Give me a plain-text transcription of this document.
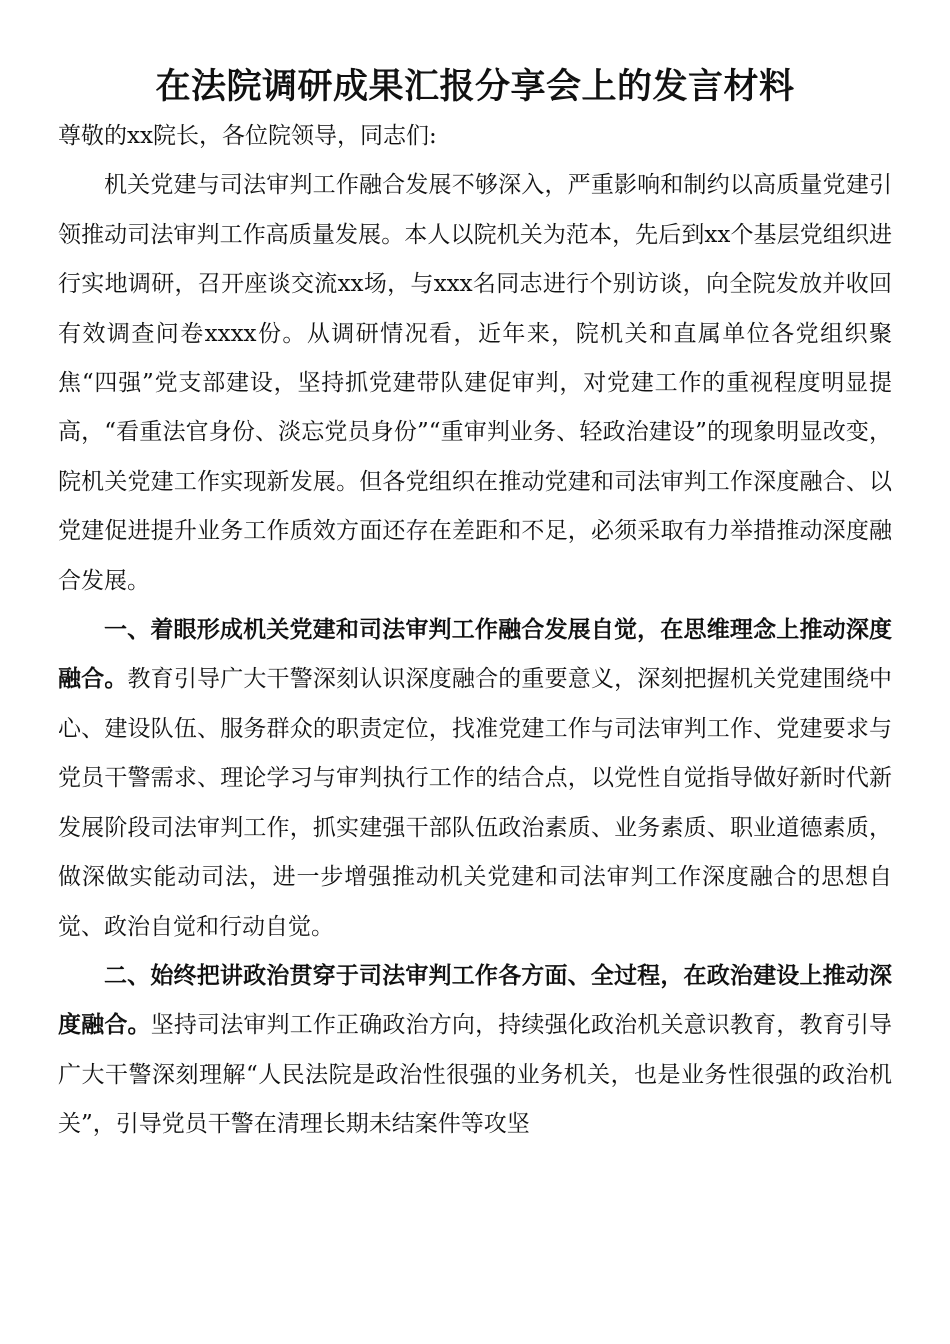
在法院调研成果汇报分享会上的发言材料

尊敬的xx院长，各位院领导，同志们:

机关党建与司法审判工作融合发展不够深入，严重影响和制约以高质量党建引领推动司法审判工作高质量发展。本人以院机关为范本，先后到xx个基层党组织进行实地调研，召开座谈交流xx场，与xxx名同志进行个别访谈，向全院发放并收回有效调查问卷xxxx份。从调研情况看，近年来，院机关和直属单位各党组织聚焦“四强”党支部建设，坚持抓党建带队建促审判，对党建工作的重视程度明显提高，“看重法官身份、淡忘党员身份”“重审判业务、轻政治建设”的现象明显改变，院机关党建工作实现新发展。但各党组织在推动党建和司法审判工作深度融合、以党建促进提升业务工作质效方面还存在差距和不足，必须采取有力举措推动深度融合发展。

一、着眼形成机关党建和司法审判工作融合发展自觉，在思维理念上推动深度融合。教育引导广大干警深刻认识深度融合的重要意义，深刻把握机关党建围绕中心、建设队伍、服务群众的职责定位，找准党建工作与司法审判工作、党建要求与党员干警需求、理论学习与审判执行工作的结合点，以党性自觉指导做好新时代新发展阶段司法审判工作，抓实建强干部队伍政治素质、业务素质、职业道德素质，做深做实能动司法，进一步增强推动机关党建和司法审判工作深度融合的思想自觉、政治自觉和行动自觉。

二、始终把讲政治贯穿于司法审判工作各方面、全过程，在政治建设上推动深度融合。坚持司法审判工作正确政治方向，持续强化政治机关意识教育，教育引导广大干警深刻理解“人民法院是政治性很强的业务机关，也是业务性很强的政治机关”，引导党员干警在清理长期未结案件等攻坚
